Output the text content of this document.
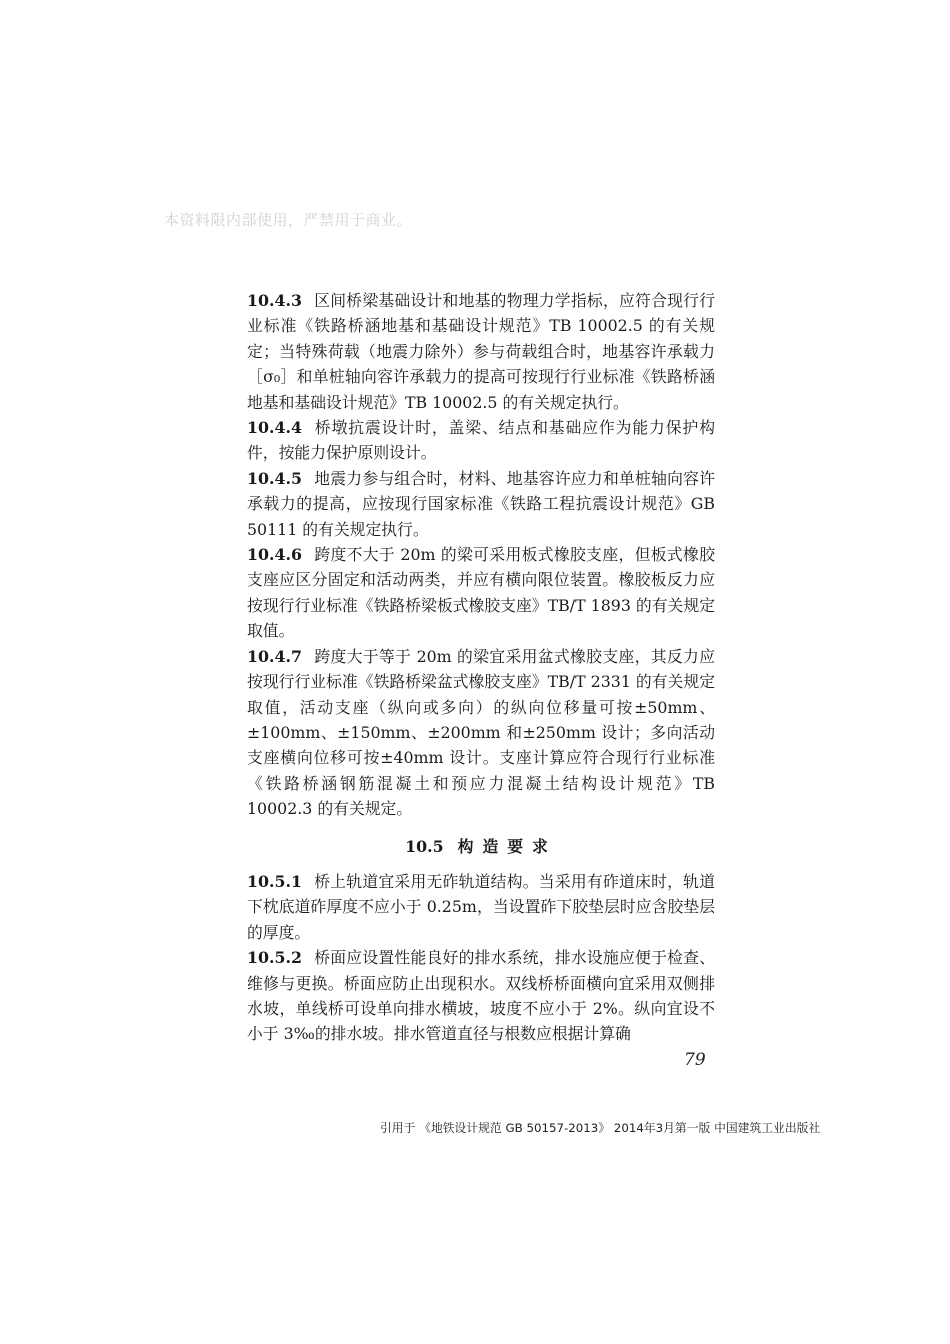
本资料限内部使用，严禁用于商业。

10.4.3 区间桥梁基础设计和地基的物理力学指标，应符合现行行业标准《铁路桥涵地基和基础设计规范》TB 10002.5 的有关规定；当特殊荷载（地震力除外）参与荷载组合时，地基容许承载力［σ₀］和单桩轴向容许承载力的提高可按现行行业标准《铁路桥涵地基和基础设计规范》TB 10002.5 的有关规定执行。

10.4.4 桥墩抗震设计时，盖梁、结点和基础应作为能力保护构件，按能力保护原则设计。

10.4.5 地震力参与组合时，材料、地基容许应力和单桩轴向容许承载力的提高，应按现行国家标准《铁路工程抗震设计规范》GB 50111 的有关规定执行。

10.4.6 跨度不大于 20m 的梁可采用板式橡胶支座，但板式橡胶支座应区分固定和活动两类，并应有横向限位装置。橡胶板反力应按现行行业标准《铁路桥梁板式橡胶支座》TB/T 1893 的有关规定取值。

10.4.7 跨度大于等于 20m 的梁宜采用盆式橡胶支座，其反力应按现行行业标准《铁路桥梁盆式橡胶支座》TB/T 2331 的有关规定取值，活动支座（纵向或多向）的纵向位移量可按±50mm、±100mm、±150mm、±200mm 和±250mm 设计；多向活动支座横向位移可按±40mm 设计。支座计算应符合现行行业标准《铁路桥涵钢筋混凝土和预应力混凝土结构设计规范》TB 10002.3 的有关规定。

10.5 构造要求

10.5.1 桥上轨道宜采用无砟轨道结构。当采用有砟道床时，轨道下枕底道砟厚度不应小于 0.25m，当设置砟下胶垫层时应含胶垫层的厚度。

10.5.2 桥面应设置性能良好的排水系统，排水设施应便于检查、维修与更换。桥面应防止出现积水。双线桥桥面横向宜采用双侧排水坡，单线桥可设单向排水横坡，坡度不应小于 2%。纵向宜设不小于 3‰的排水坡。排水管道直径与根数应根据计算确

79
引用于 《地铁设计规范 GB 50157-2013》 2014年3月第一版 中国建筑工业出版社
